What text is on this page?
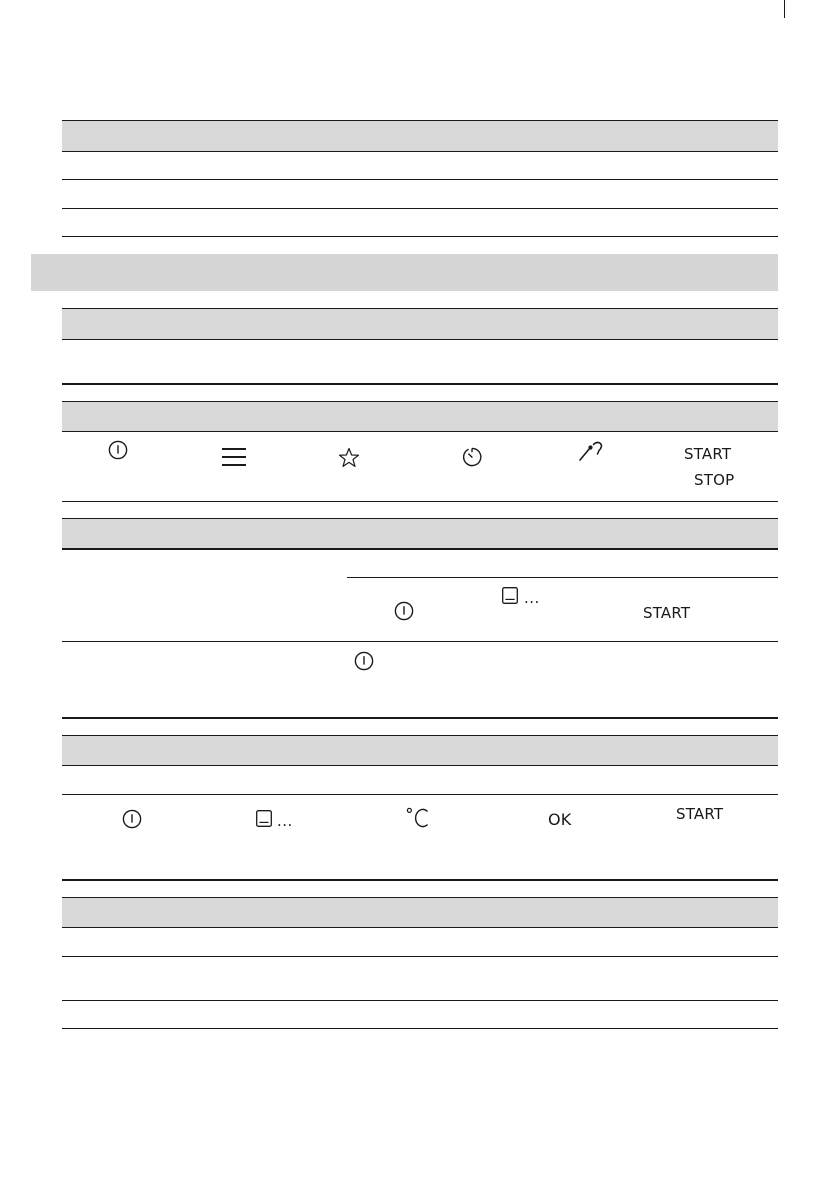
START
STOP
...
START
...	OK	START
